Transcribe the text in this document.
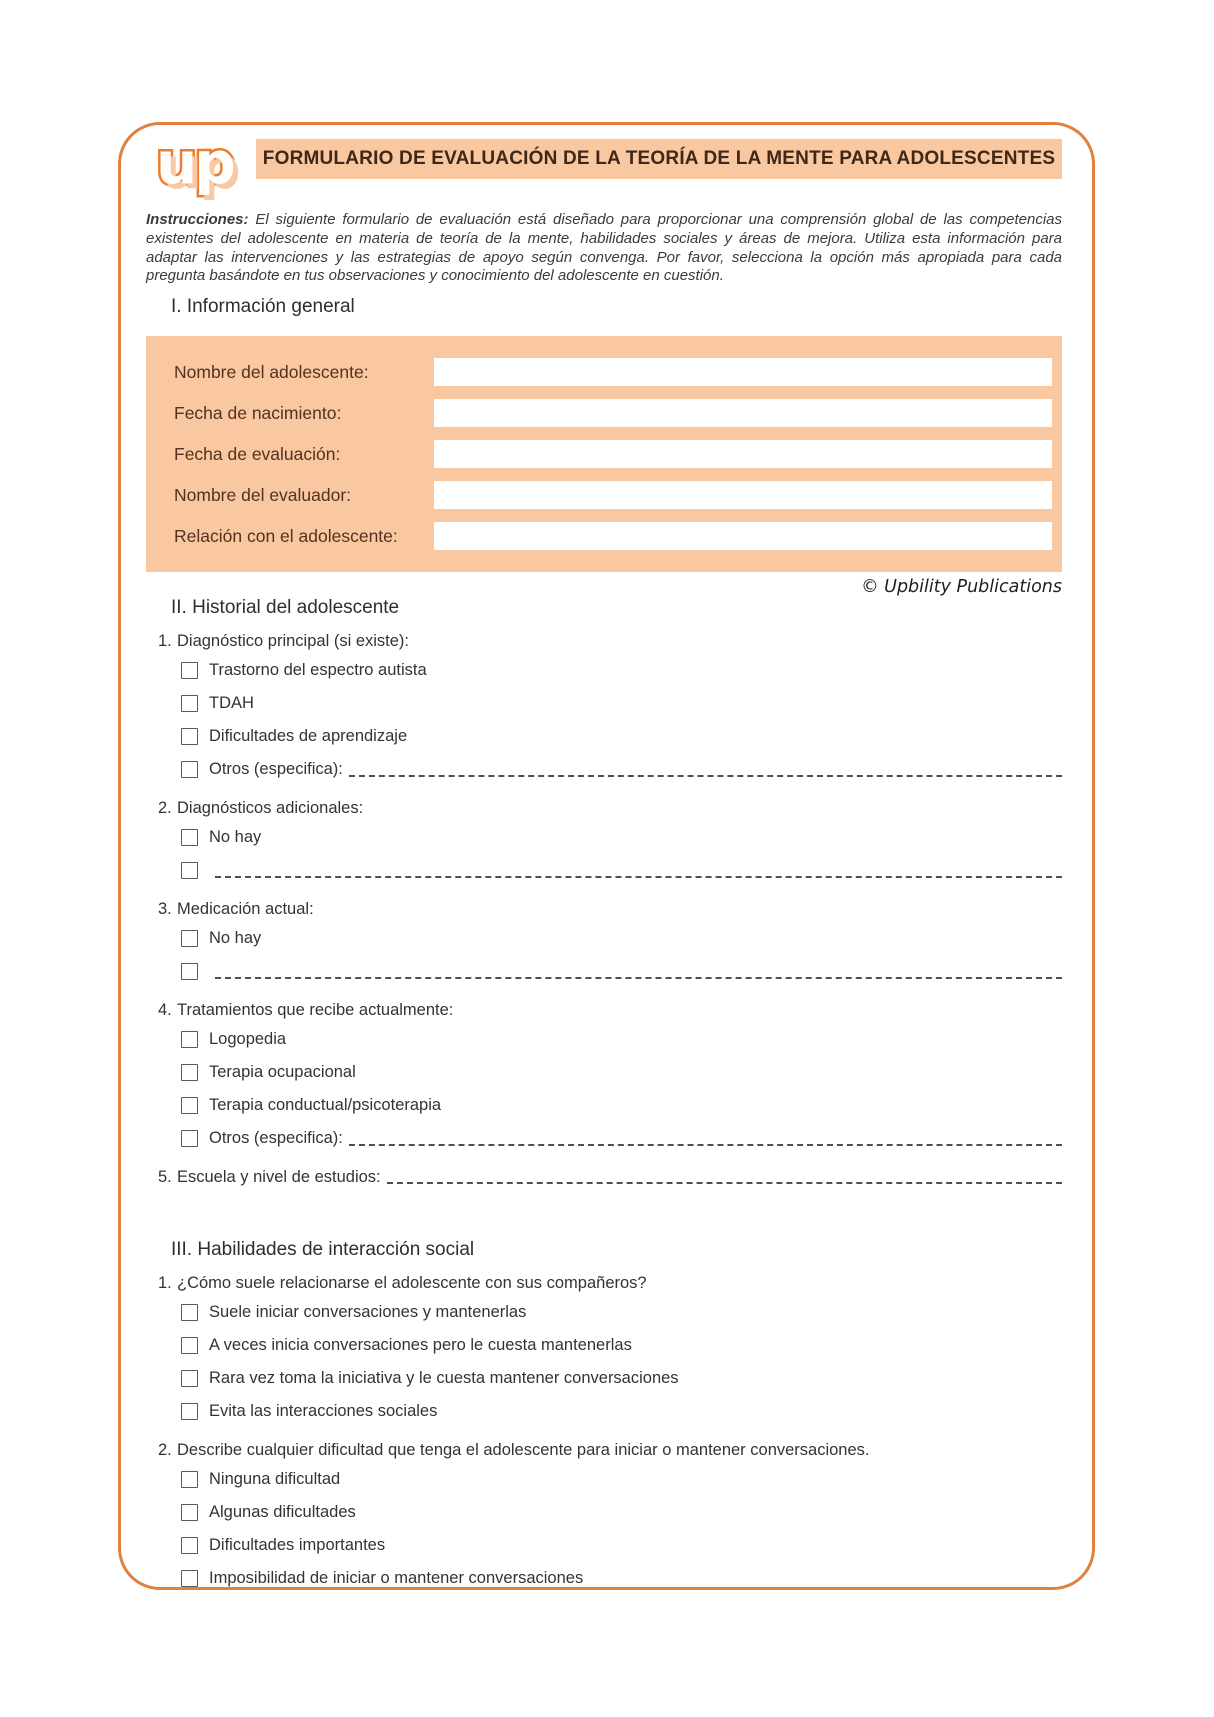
up	FORMULARIO DE EVALUACIÓN DE LA TEORÍA DE LA MENTE PARA ADOLESCENTES

Instrucciones: El siguiente formulario de evaluación está diseñado para proporcionar una comprensión global de las competencias existentes del adolescente en materia de teoría de la mente, habilidades sociales y áreas de mejora. Utiliza esta información para adaptar las intervenciones y las estrategias de apoyo según convenga. Por favor, selecciona la opción más apropiada para cada pregunta basándote en tus observaciones y conocimiento del adolescente en cuestión.

I. Información general
Nombre del adolescente:
Fecha de nacimiento:
Fecha de evaluación:
Nombre del evaluador:
Relación con el adolescente:
© Upbility Publications
II. Historial del adolescente
1. Diagnóstico principal (si existe):
Trastorno del espectro autista
TDAH
Dificultades de aprendizaje
Otros (especifica):
2. Diagnósticos adicionales:
No hay
3. Medicación actual:
No hay
4. Tratamientos que recibe actualmente:
Logopedia
Terapia ocupacional
Terapia conductual/psicoterapia
Otros (especifica):
5. Escuela y nivel de estudios:
III. Habilidades de interacción social
1. ¿Cómo suele relacionarse el adolescente con sus compañeros?
Suele iniciar conversaciones y mantenerlas
A veces inicia conversaciones pero le cuesta mantenerlas
Rara vez toma la iniciativa y le cuesta mantener conversaciones
Evita las interacciones sociales
2. Describe cualquier dificultad que tenga el adolescente para iniciar o mantener conversaciones.
Ninguna dificultad
Algunas dificultades
Dificultades importantes
Imposibilidad de iniciar o mantener conversaciones
